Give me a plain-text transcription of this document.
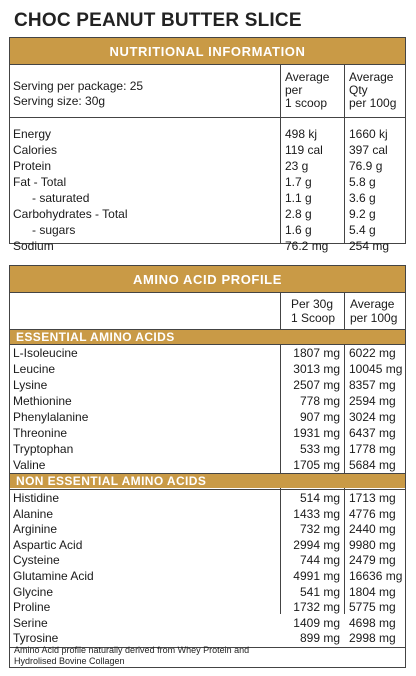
CHOC PEANUT BUTTER SLICE
NUTRITIONAL INFORMATION
Serving per package: 25
Serving size: 30g
Average
per
1 scoop
Average
Qty
per 100g
Energy	498 kj	1660 kj
Calories	119 cal	397 cal
Protein	23 g	76.9 g
Fat - Total	1.7 g	5.8 g
- saturated	1.1 g	3.6 g
Carbohydrates - Total	2.8 g	9.2 g
- sugars	1.6 g	5.4 g
Sodium	76.2 mg	254 mg
AMINO ACID PROFILE
Per 30g
1 Scoop
Average
per 100g
ESSENTIAL AMINO ACIDS
L-Isoleucine	1807 mg 6022 mg
Leucine	3013 mg 10045 mg
Lysine	2507 mg 8357 mg
Methionine	778 mg 2594 mg
Phenylalanine	907 mg 3024 mg
Threonine	1931 mg 6437 mg
Tryptophan	533 mg 1778 mg
Valine	1705 mg 5684 mg
NON ESSENTIAL AMINO ACIDS
Histidine	514 mg 1713 mg
Alanine	1433 mg 4776 mg
Arginine	732 mg 2440 mg
Aspartic Acid	2994 mg 9980 mg
Cysteine	744 mg 2479 mg
Glutamine Acid	4991 mg 16636 mg
Glycine	541 mg 1804 mg
Proline	1732 mg 5775 mg
Serine	1409 mg 4698 mg
Tyrosine	899 mg 2998 mg
Amino Acid profile naturally derived from Whey Protein and
Hydrolised Bovine Collagen
